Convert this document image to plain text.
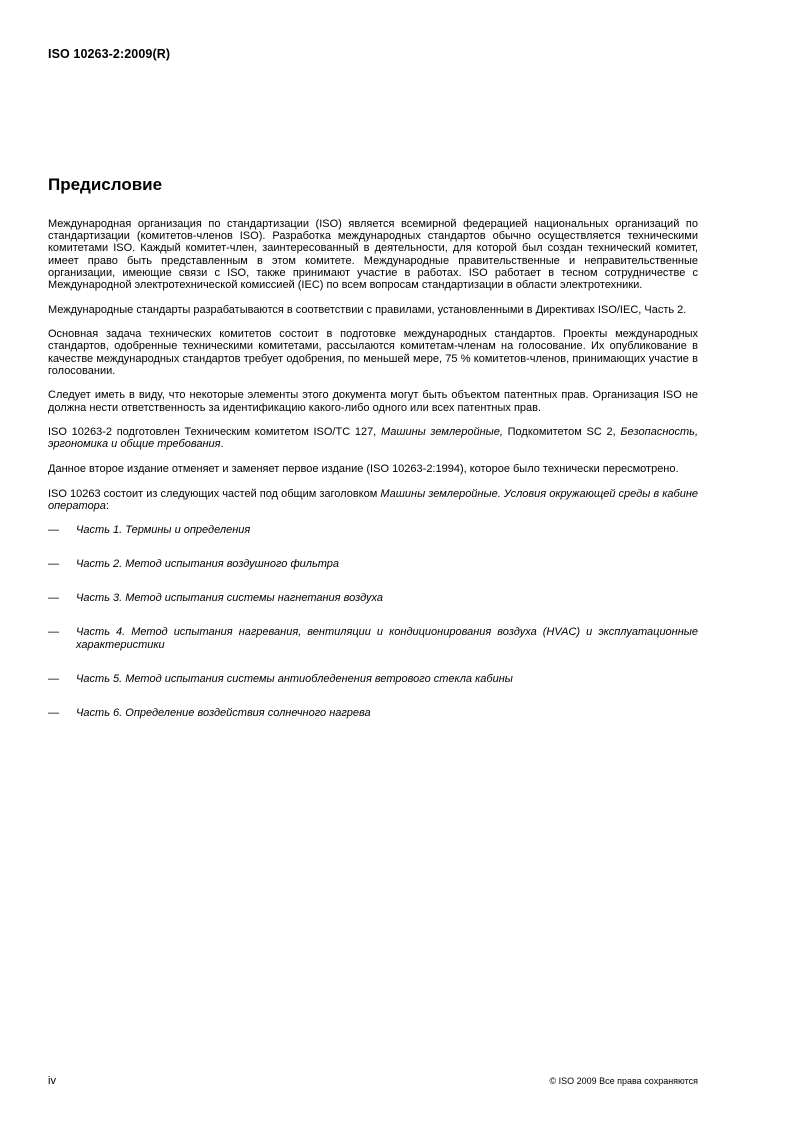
ISO 10263-2:2009(R)
Предисловие

Международная организация по стандартизации (ISO) является всемирной федерацией национальных организаций по стандартизации (комитетов-членов ISO). Разработка международных стандартов обычно осуществляется техническими комитетами ISO. Каждый комитет-член, заинтересованный в деятельности, для которой был создан технический комитет, имеет право быть представленным в этом комитете. Международные правительственные и неправительственные организации, имеющие связи с ISO, также принимают участие в работах. ISO работает в тесном сотрудничестве с Международной электротехнической комиссией (IEC) по всем вопросам стандартизации в области электротехники.

Международные стандарты разрабатываются в соответствии с правилами, установленными в Директивах ISO/IEC, Часть 2.

Основная задача технических комитетов состоит в подготовке международных стандартов. Проекты международных стандартов, одобренные техническими комитетами, рассылаются комитетам-членам на голосование. Их опубликование в качестве международных стандартов требует одобрения, по меньшей мере, 75 % комитетов-членов, принимающих участие в голосовании.

Следует иметь в виду, что некоторые элементы этого документа могут быть объектом патентных прав. Организация ISO не должна нести ответственность за идентификацию какого-либо одного или всех патентных прав.

ISO 10263-2 подготовлен Техническим комитетом ISO/TC 127, Машины землеройные, Подкомитетом SC 2, Безопасность, эргономика и общие требования.

Данное второе издание отменяет и заменяет первое издание (ISO 10263-2:1994), которое было технически пересмотрено.

ISO 10263 состоит из следующих частей под общим заголовком Машины землеройные. Условия окружающей среды в кабине оператора:

— Часть 1. Термины и определения
— Часть 2. Метод испытания воздушного фильтра
— Часть 3. Метод испытания системы нагнетания воздуха
— Часть 4. Метод испытания нагревания, вентиляции и кондиционирования воздуха (HVAC) и эксплуатационные характеристики
— Часть 5. Метод испытания системы антиобледенения ветрового стекла кабины
— Часть 6. Определение воздействия солнечного нагрева
iv	© ISO 2009 Все права сохраняются
